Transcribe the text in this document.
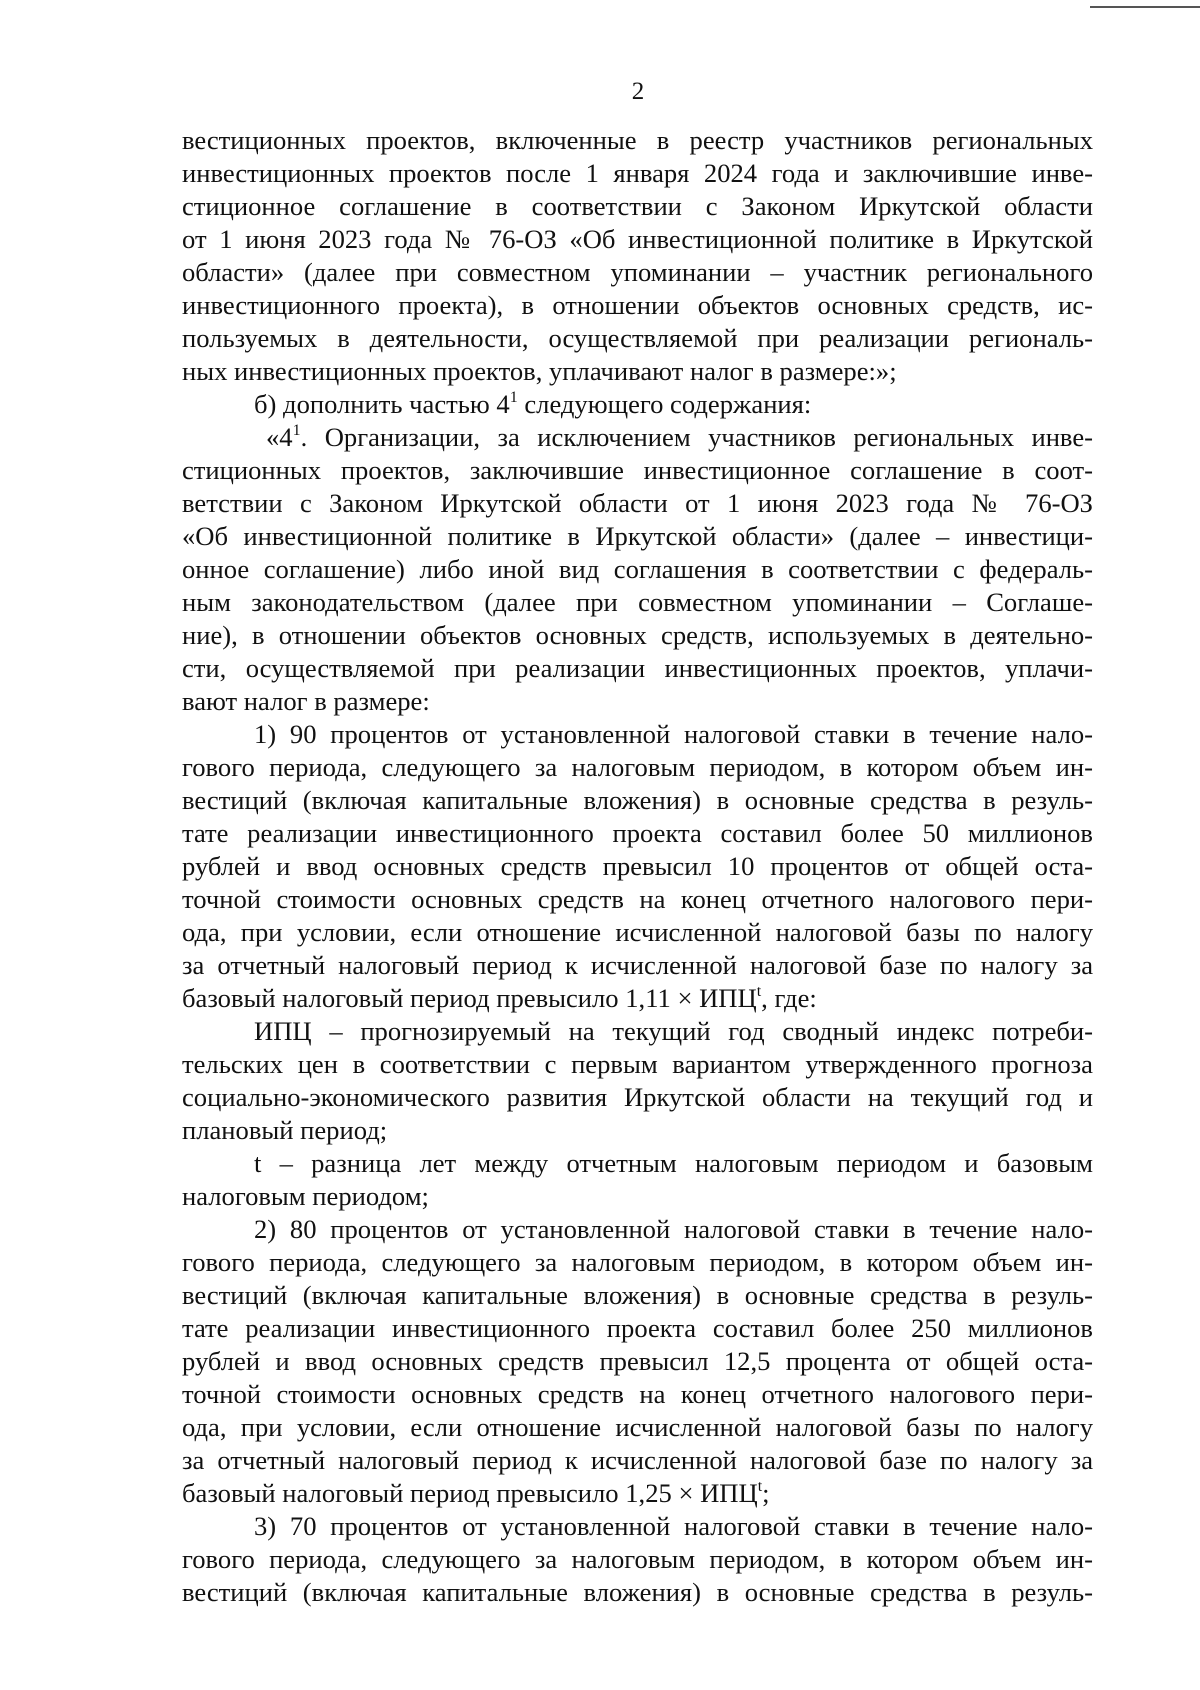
2

вестиционных проектов, включенные в реестр участников региональных

инвестиционных проектов после 1 января 2024 года и заключившие инве-

стиционное соглашение в соответствии с Законом Иркутской области

от 1 июня 2023 года № 76-ОЗ «Об инвестиционной политике в Иркутской

области» (далее при совместном упоминании – участник регионального

инвестиционного проекта), в отношении объектов основных средств, ис-

пользуемых в деятельности, осуществляемой при реализации региональ-

ных инвестиционных проектов, уплачивают налог в размере:»;

б) дополнить частью $4^1$ следующего содержания:

«$4^1$. Организации, за исключением участников региональных инве-

стиционных проектов, заключившие инвестиционное соглашение в соот-

ветствии с Законом Иркутской области от 1 июня 2023 года № 76-ОЗ

«Об инвестиционной политике в Иркутской области» (далее – инвестици-

онное соглашение) либо иной вид соглашения в соответствии с федераль-

ным законодательством (далее при совместном упоминании – Соглаше-

ние), в отношении объектов основных средств, используемых в деятельно-

сти, осуществляемой при реализации инвестиционных проектов, уплачи-

вают налог в размере:

1) 90 процентов от установленной налоговой ставки в течение нало-

гового периода, следующего за налоговым периодом, в котором объем ин-

вестиций (включая капитальные вложения) в основные средства в резуль-

тате реализации инвестиционного проекта составил более 50 миллионов

рублей и ввод основных средств превысил 10 процентов от общей оста-

точной стоимости основных средств на конец отчетного налогового пери-

ода, при условии, если отношение исчисленной налоговой базы по налогу

за отчетный налоговый период к исчисленной налоговой базе по налогу за

базовый налоговый период превысило $1,11 \times ИПЦ^t$, где:

ИПЦ – прогнозируемый на текущий год сводный индекс потреби-

тельских цен в соответствии с первым вариантом утвержденного прогноза

социально-экономического развития Иркутской области на текущий год и

плановый период;

t – разница лет между отчетным налоговым периодом и базовым

налоговым периодом;

2) 80 процентов от установленной налоговой ставки в течение нало-

гового периода, следующего за налоговым периодом, в котором объем ин-

вестиций (включая капитальные вложения) в основные средства в резуль-

тате реализации инвестиционного проекта составил более 250 миллионов

рублей и ввод основных средств превысил 12,5 процента от общей оста-

точной стоимости основных средств на конец отчетного налогового пери-

ода, при условии, если отношение исчисленной налоговой базы по налогу

за отчетный налоговый период к исчисленной налоговой базе по налогу за

базовый налоговый период превысило $1,25 \times ИПЦ^t$;

3) 70 процентов от установленной налоговой ставки в течение нало-

гового периода, следующего за налоговым периодом, в котором объем ин-

вестиций (включая капитальные вложения) в основные средства в резуль-
